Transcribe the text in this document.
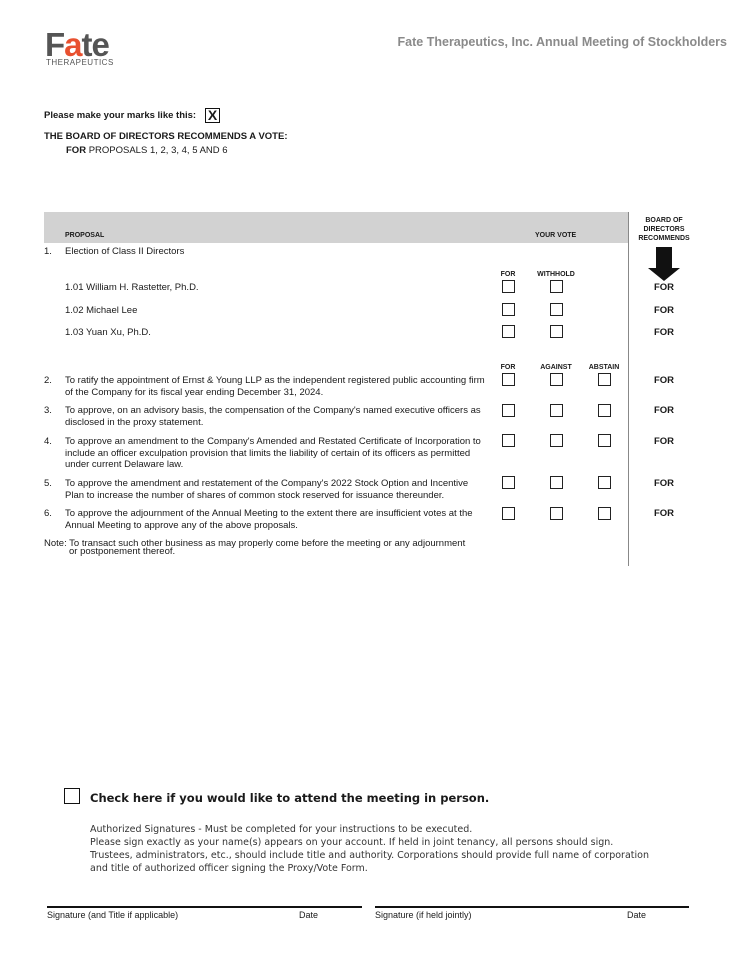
Fate
THERAPEUTICS
Fate Therapeutics, Inc. Annual Meeting of Stockholders
Please make your marks like this: X
THE BOARD OF DIRECTORS RECOMMENDS A VOTE:
FOR PROPOSALS 1, 2, 3, 4, 5 AND 6
PROPOSAL	YOUR VOTE
BOARD OF DIRECTORS RECOMMENDS
1. Election of Class II Directors
FOR	WITHHOLD
1.01 William H. Rastetter, Ph.D.	FOR
1.02 Michael Lee	FOR
1.03 Yuan Xu, Ph.D.	FOR
FOR	AGAINST	ABSTAIN
2. To ratify the appointment of Ernst & Young LLP as the independent registered public accounting firm of the Company for its fiscal year ending December 31, 2024.
FOR
3. To approve, on an advisory basis, the compensation of the Company's named executive officers as disclosed in the proxy statement.
FOR
4. To approve an amendment to the Company's Amended and Restated Certificate of Incorporation to include an officer exculpation provision that limits the liability of certain of its officers as permitted under current Delaware law.
FOR
5. To approve the amendment and restatement of the Company's 2022 Stock Option and Incentive Plan to increase the number of shares of common stock reserved for issuance thereunder.
FOR
6. To approve the adjournment of the Annual Meeting to the extent there are insufficient votes at the Annual Meeting to approve any of the above proposals.
FOR
Note: To transact such other business as may properly come before the meeting or any adjournment
or postponement thereof.
Check here if you would like to attend the meeting in person.
Authorized Signatures - Must be completed for your instructions to be executed.
Please sign exactly as your name(s) appears on your account. If held in joint tenancy, all persons should sign. Trustees, administrators, etc., should include title and authority. Corporations should provide full name of corporation and title of authorized officer signing the Proxy/Vote Form.
Signature (and Title if applicable)	Date	Signature (if held jointly)	Date
